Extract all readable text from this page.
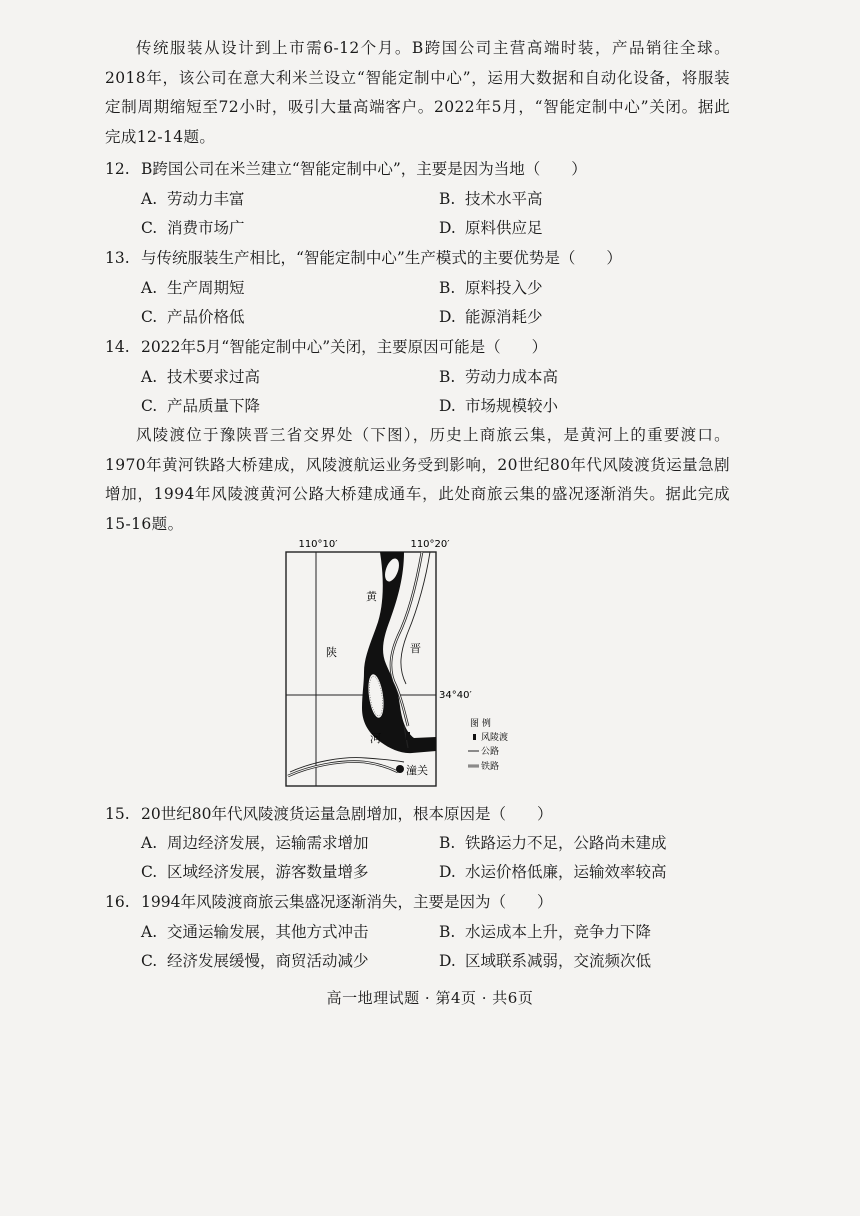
传统服装从设计到上市需6-12个月。B跨国公司主营高端时装，产品销往全球。2018年，该公司在意大利米兰设立“智能定制中心”，运用大数据和自动化设备，将服装定制周期缩短至72小时，吸引大量高端客户。2022年5月，“智能定制中心”关闭。据此完成12-14题。

12. B跨国公司在米兰建立“智能定制中心”，主要是因为当地（　　）
A. 劳动力丰富	B. 技术水平高
C. 消费市场广	D. 原料供应足
13. 与传统服装生产相比，“智能定制中心”生产模式的主要优势是（　　）
A. 生产周期短	B. 原料投入少
C. 产品价格低	D. 能源消耗少
14. 2022年5月“智能定制中心”关闭，主要原因可能是（　　）
A. 技术要求过高	B. 劳动力成本高
C. 产品质量下降	D. 市场规模较小

风陵渡位于豫陕晋三省交界处（下图），历史上商旅云集，是黄河上的重要渡口。1970年黄河铁路大桥建成，风陵渡航运业务受到影响，20世纪80年代风陵渡货运量急剧增加，1994年风陵渡黄河公路大桥建成通车，此处商旅云集的盛况逐渐消失。据此完成15-16题。

110°10′	110°20′
34°40′
潼关
黄
河
陕	晋
图 例
风陵渡
公路
铁路
15. 20世纪80年代风陵渡货运量急剧增加，根本原因是（　　）
A. 周边经济发展，运输需求增加	B. 铁路运力不足，公路尚未建成
C. 区域经济发展，游客数量增多	D. 水运价格低廉，运输效率较高
16. 1994年风陵渡商旅云集盛况逐渐消失，主要是因为（　　）
A. 交通运输发展，其他方式冲击	B. 水运成本上升，竞争力下降
C. 经济发展缓慢，商贸活动减少	D. 区域联系减弱，交流频次低
高一地理试题 · 第4页 · 共6页
